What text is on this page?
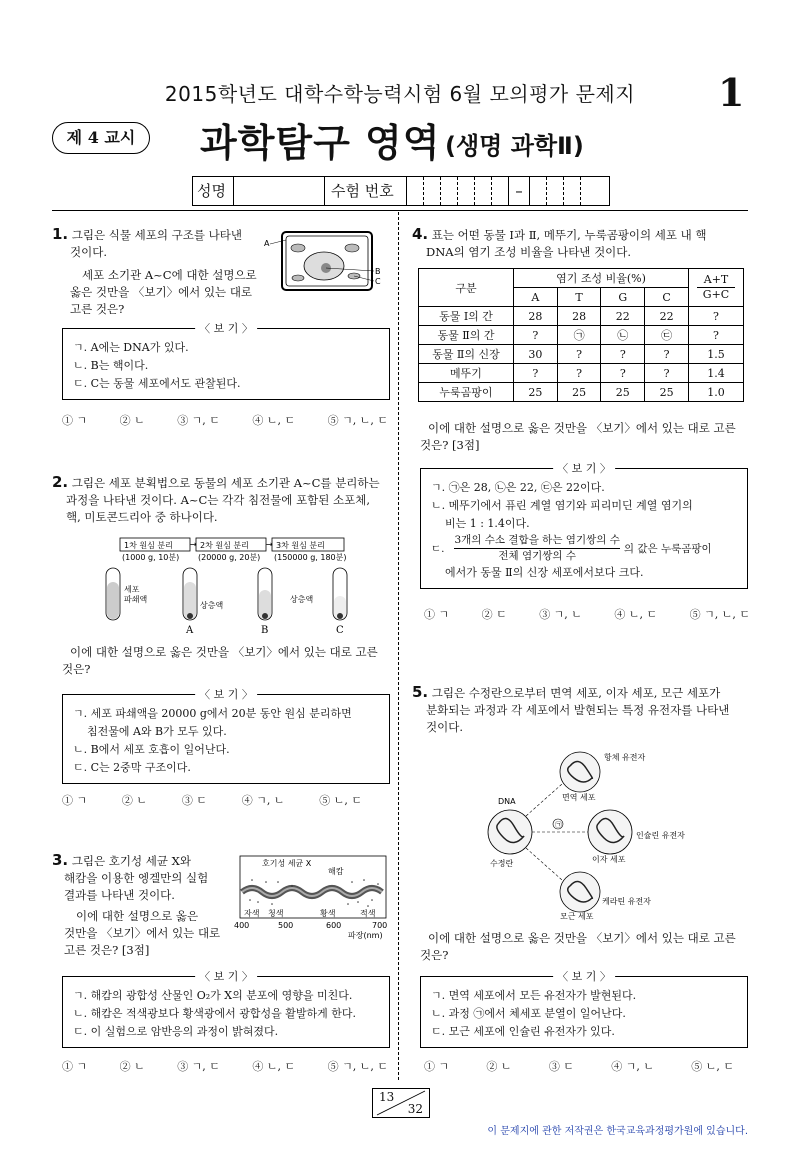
2015학년도 대학수학능력시험 6월 모의평가 문제지 1
제 4 교시	과학탐구 영역 (생명 과학Ⅱ)
성명	수험 번호	–
1. 그림은 식물 세포의 구조를 나타낸
것이다.
세포 소기관 A~C에 대한 설명으로
옳은 것만을 〈보기〉에서 있는 대로
고른 것은?
A
B
C
〈 보 기 〉
ㄱ. A에는 DNA가 있다.
ㄴ. B는 핵이다.
ㄷ. C는 동물 세포에서도 관찰된다.
① ㄱ	② ㄴ	③ ㄱ, ㄷ	④ ㄴ, ㄷ	⑤ ㄱ, ㄴ, ㄷ
2. 그림은 세포 분획법으로 동물의 세포 소기관 A~C를 분리하는
과정을 나타낸 것이다. A~C는 각각 침전물에 포함된 소포체,
핵, 미토콘드리아 중 하나이다.
1차 원심 분리	2차 원심 분리	3차 원심 분리
→	→
(1000 g, 10분) (20000 g, 20분) (150000 g, 180분)
세포
파쇄액
상층액
상층액
A	B	C
이에 대한 설명으로 옳은 것만을 〈보기〉에서 있는 대로 고른
것은?
〈 보 기 〉
ㄱ. 세포 파쇄액을 20000 g에서 20분 동안 원심 분리하면
침전물에 A와 B가 모두 있다.
ㄴ. B에서 세포 호흡이 일어난다.
ㄷ. C는 2중막 구조이다.
① ㄱ	② ㄴ	③ ㄷ	④ ㄱ, ㄴ	⑤ ㄴ, ㄷ
3. 그림은 호기성 세균 X와
해캄을 이용한 엥겔만의 실험
결과를 나타낸 것이다.
이에 대한 설명으로 옳은
것만을 〈보기〉에서 있는 대로
고른 것은? [3점]
호기성 세균 X
해캄
자색 청색	황색	적색
400	500	600	700
파장(nm)
〈 보 기 〉
ㄱ. 해캄의 광합성 산물인 O₂가 X의 분포에 영향을 미친다.
ㄴ. 해캄은 적색광보다 황색광에서 광합성을 활발하게 한다.
ㄷ. 이 실험으로 암반응의 과정이 밝혀졌다.
① ㄱ	② ㄴ	③ ㄱ, ㄷ	④ ㄴ, ㄷ	⑤ ㄱ, ㄴ, ㄷ
4. 표는 어떤 동물 Ⅰ과 Ⅱ, 메뚜기, 누룩곰팡이의 세포 내 핵
DNA의 염기 조성 비율을 나타낸 것이다.
구분	염기 조성 비율(%)				A+T
G+C
	A	T	G	C	
동물 Ⅰ의 간	28	28	22	22	?
동물 Ⅱ의 간	?	㉠	㉡	㉢	?
동물 Ⅱ의 신장	30	?	?	?	1.5
메뚜기	?	?	?	?	1.4
누룩곰팡이	25	25	25	25	1.0
이에 대한 설명으로 옳은 것만을 〈보기〉에서 있는 대로 고른
것은? [3점]
〈 보 기 〉
ㄱ. ㉠은 28, ㉡은 22, ㉢은 22이다.
ㄴ. 메뚜기에서 퓨린 계열 염기와 피리미딘 계열 염기의
비는 1 : 1.4이다.
ㄷ.
3개의 수소 결합을 하는 염기쌍의 수
전체 염기쌍의 수
의 값은 누룩곰팡이
에서가 동물 Ⅱ의 신장 세포에서보다 크다.
① ㄱ	② ㄷ	③ ㄱ, ㄴ	④ ㄴ, ㄷ	⑤ ㄱ, ㄴ, ㄷ
5. 그림은 수정란으로부터 면역 세포, 이자 세포, 모근 세포가
분화되는 과정과 각 세포에서 발현되는 특정 유전자를 나타낸
것이다.
㉠
DNA
수정란
면역 세포
항체 유전자
이자 세포
인슐린 유전자
모근 세포
케라틴 유전자
이에 대한 설명으로 옳은 것만을 〈보기〉에서 있는 대로 고른
것은?
〈 보 기 〉
ㄱ. 면역 세포에서 모든 유전자가 발현된다.
ㄴ. 과정 ㉠에서 체세포 분열이 일어난다.
ㄷ. 모근 세포에 인슐린 유전자가 있다.
① ㄱ	② ㄴ	③ ㄷ	④ ㄱ, ㄴ	⑤ ㄴ, ㄷ
13
32
이 문제지에 관한 저작권은 한국교육과정평가원에 있습니다.
